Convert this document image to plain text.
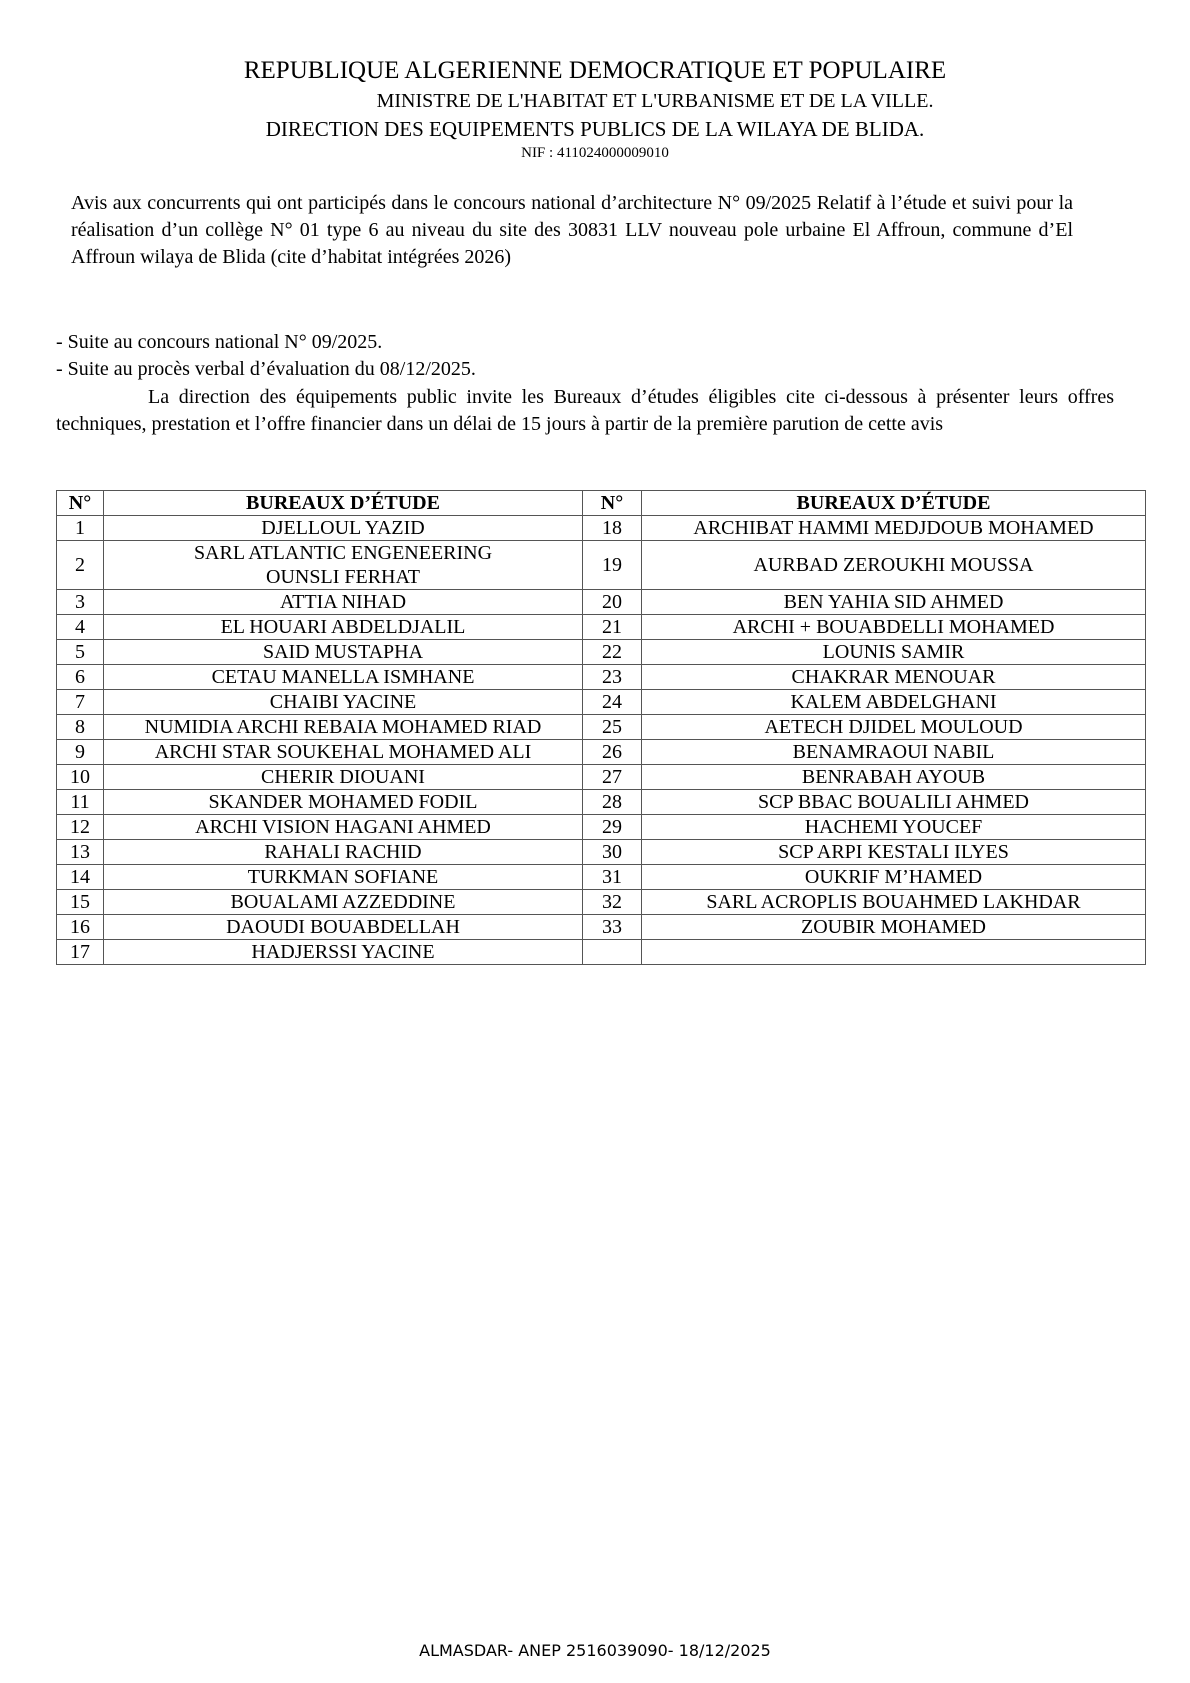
REPUBLIQUE ALGERIENNE DEMOCRATIQUE ET POPULAIRE
MINISTRE DE L'HABITAT ET L'URBANISME ET DE LA VILLE.
DIRECTION DES EQUIPEMENTS PUBLICS DE LA WILAYA DE BLIDA.
NIF : 411024000009010
Avis aux concurrents qui ont participés dans le concours national d’architecture N° 09/2025 Relatif à l’étude et suivi pour la réalisation d’un collège N° 01 type 6 au niveau du site des 30831 LLV nouveau pole urbaine El Affroun, commune d’El Affroun wilaya de Blida (cite d’habitat intégrées 2026)
- Suite au concours national N° 09/2025.
- Suite au procès verbal d’évaluation du 08/12/2025.
La direction des équipements public invite les Bureaux d’études éligibles cite ci-dessous à présenter leurs offres techniques, prestation et l’offre financier dans un délai de 15 jours à partir de la première parution de cette avis
N°	BUREAUX D’ÉTUDE	N°	BUREAUX D’ÉTUDE
1	DJELLOUL YAZID	18	ARCHIBAT HAMMI MEDJDOUB MOHAMED
2	SARL ATLANTIC ENGENEERING
OUNSLI FERHAT	19	AURBAD ZEROUKHI MOUSSA
3	ATTIA NIHAD	20	BEN YAHIA SID AHMED
4	EL HOUARI ABDELDJALIL	21	ARCHI + BOUABDELLI MOHAMED
5	SAID MUSTAPHA	22	LOUNIS SAMIR
6	CETAU MANELLA ISMHANE	23	CHAKRAR MENOUAR
7	CHAIBI YACINE	24	KALEM ABDELGHANI
8	NUMIDIA ARCHI REBAIA MOHAMED RIAD	25	AETECH DJIDEL MOULOUD
9	ARCHI STAR SOUKEHAL MOHAMED ALI	26	BENAMRAOUI NABIL
10	CHERIR DIOUANI	27	BENRABAH AYOUB
11	SKANDER MOHAMED FODIL	28	SCP BBAC BOUALILI AHMED
12	ARCHI VISION HAGANI AHMED	29	HACHEMI YOUCEF
13	RAHALI RACHID	30	SCP ARPI KESTALI ILYES
14	TURKMAN SOFIANE	31	OUKRIF M’HAMED
15	BOUALAMI AZZEDDINE	32	SARL ACROPLIS BOUAHMED LAKHDAR
16	DAOUDI BOUABDELLAH	33	ZOUBIR MOHAMED
17	HADJERSSI YACINE		
ALMASDAR- ANEP 2516039090- 18/12/2025
